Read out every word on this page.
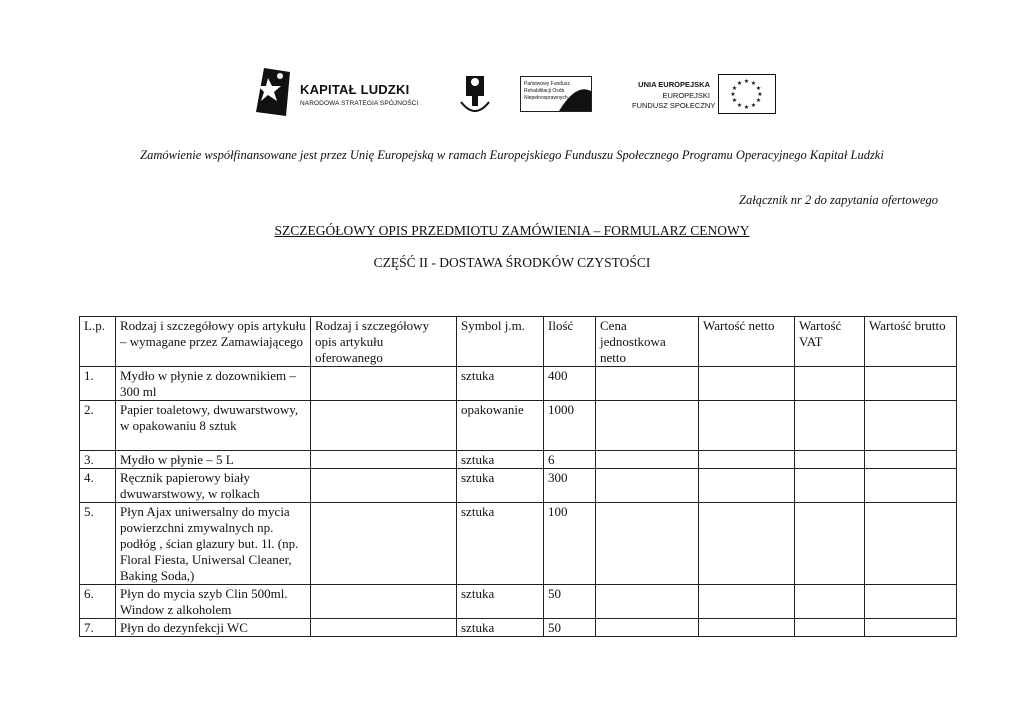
KAPITAŁ LUDZKI
NARODOWA STRATEGIA SPÓJNOŚCI
Państwowy Fundusz
Rehabilitacji Osób
Niepełnosprawnych
UNIA EUROPEJSKA
EUROPEJSKI
FUNDUSZ SPOŁECZNY
★ ★
★
★
★
★
★
★
★
★
★
★
Zamówienie współfinansowane jest przez Unię Europejską w ramach Europejskiego Funduszu Społecznego Programu Operacyjnego Kapitał Ludzki
Załącznik nr 2 do zapytania ofertowego
SZCZEGÓŁOWY OPIS PRZEDMIOTU ZAMÓWIENIA – FORMULARZ CENOWY
CZĘŚĆ II - DOSTAWA ŚRODKÓW CZYSTOŚCI
L.p.	Rodzaj i szczegółowy opis artykułu – wymagane przez Zamawiającego	Rodzaj i szczegółowy opis artykułu oferowanego	Symbol j.m.	Ilość	Cena jednostkowa netto	Wartość netto	Wartość VAT	Wartość brutto
1.	Mydło w płynie z dozownikiem – 300 ml		sztuka	400				
2.	Papier toaletowy, dwuwarstwowy, w opakowaniu 8 sztuk		opakowanie	1000				
3.	Mydło w płynie – 5 L		sztuka	6				
4.	Ręcznik papierowy biały dwuwarstwowy, w rolkach		sztuka	300				
5.	Płyn Ajax uniwersalny do mycia powierzchni zmywalnych np. podłóg , ścian glazury but. 1l. (np. Floral Fiesta, Uniwersal Cleaner, Baking Soda,)		sztuka	100				
6.	Płyn do mycia szyb Clin 500ml. Window z alkoholem		sztuka	50				
7.	Płyn do dezynfekcji WC		sztuka	50				
